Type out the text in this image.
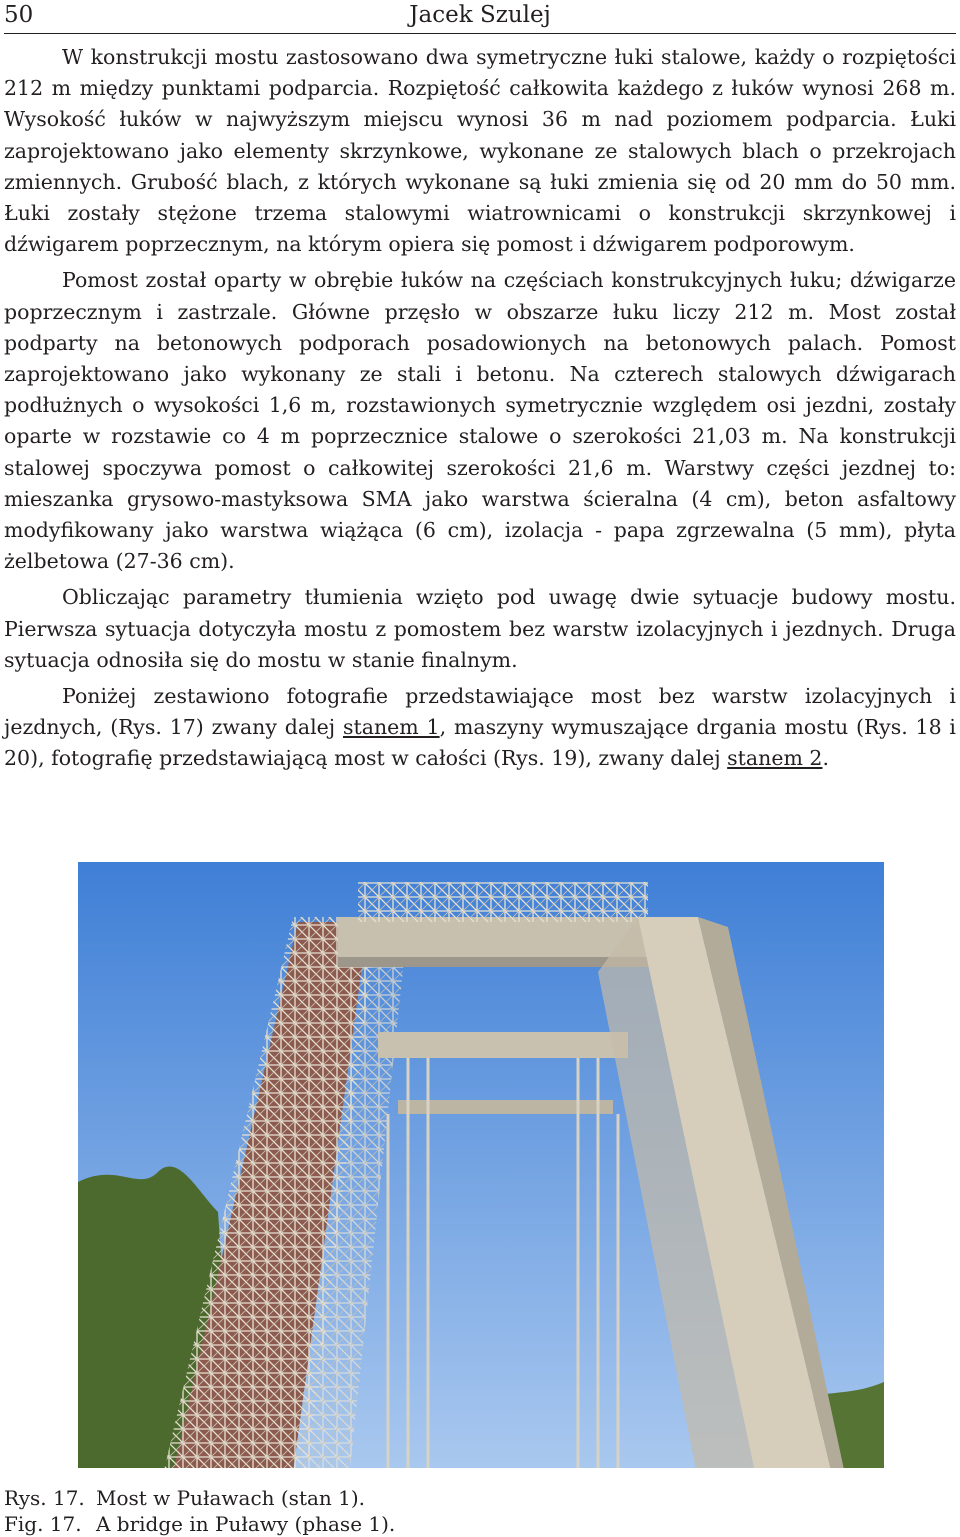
50	Jacek Szulej

W konstrukcji mostu zastosowano dwa symetryczne łuki stalowe, każdy o rozpiętości 212 m między punktami podparcia. Rozpiętość całkowita każdego z łuków wynosi 268 m. Wysokość łuków w najwyższym miejscu wynosi 36 m nad poziomem podparcia. Łuki zaprojektowano jako elementy skrzynkowe, wykonane ze stalowych blach o przekrojach zmiennych. Grubość blach, z których wykonane są łuki zmienia się od 20 mm do 50 mm. Łuki zostały stężone trzema stalowymi wiatrownicami o konstrukcji skrzynkowej i dźwigarem poprzecznym, na którym opiera się pomost i dźwigarem podporowym.

Pomost został oparty w obrębie łuków na częściach konstrukcyjnych łuku; dźwigarze poprzecznym i zastrzale. Główne przęsło w obszarze łuku liczy 212 m. Most został podparty na betonowych podporach posadowionych na betonowych palach. Pomost zaprojektowano jako wykonany ze stali i betonu. Na czterech stalowych dźwigarach podłużnych o wysokości 1,6 m, rozstawionych symetrycznie względem osi jezdni, zostały oparte w rozstawie co 4 m poprzecznice stalowe o szerokości 21,03 m. Na konstrukcji stalowej spoczywa pomost o całkowitej szerokości 21,6 m. Warstwy części jezdnej to: mieszanka grysowo-mastyksowa SMA jako warstwa ścieralna (4 cm), beton asfaltowy modyfikowany jako warstwa wiążąca (6 cm), izolacja - papa zgrzewalna (5 mm), płyta żelbetowa (27-36 cm).

Obliczając parametry tłumienia wzięto pod uwagę dwie sytuacje budowy mostu. Pierwsza sytuacja dotyczyła mostu z pomostem bez warstw izolacyjnych i jezdnych. Druga sytuacja odnosiła się do mostu w stanie finalnym.

Poniżej zestawiono fotografie przedstawiające most bez warstw izolacyjnych i jezdnych, (Rys. 17) zwany dalej stanem 1, maszyny wymuszające drgania mostu (Rys. 18 i 20), fotografię przedstawiającą most w całości (Rys. 19), zwany dalej stanem 2.

Rys. 17. Most w Puławach (stan 1).
Fig. 17. A bridge in Puławy (phase 1).
